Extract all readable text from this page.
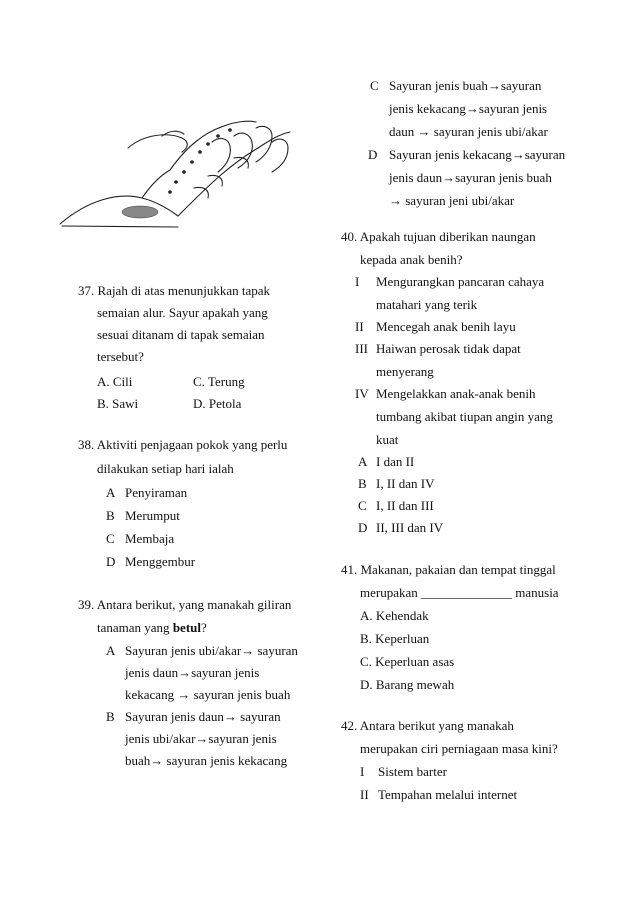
37. Rajah di atas menunjukkan tapak
semaian alur. Sayur apakah yang
sesuai ditanam di tapak semaian
tersebut?
A. Cili	C. Terung
B. Sawi	D. Petola
38. Aktiviti penjagaan pokok yang perlu
dilakukan setiap hari ialah
A Penyiraman
B Merumput
C Membaja
D Menggembur
39. Antara berikut, yang manakah giliran
tanaman yang betul?
A Sayuran jenis ubi/akar→ sayuran
jenis daun→sayuran jenis
kekacang → sayuran jenis buah
B Sayuran jenis daun→ sayuran
jenis ubi/akar→sayuran jenis
buah→ sayuran jenis kekacang
C Sayuran jenis buah→sayuran
jenis kekacang→sayuran jenis
daun → sayuran jenis ubi/akar
D Sayuran jenis kekacang→sayuran
jenis daun→sayuran jenis buah
→ sayuran jeni ubi/akar
40. Apakah tujuan diberikan naungan
kepada anak benih?
I Mengurangkan pancaran cahaya
matahari yang terik
II Mencegah anak benih layu
III Haiwan perosak tidak dapat
menyerang
IV Mengelakkan anak-anak benih
tumbang akibat tiupan angin yang
kuat
A I dan II
B I, II dan IV
C I, II dan III
D II, III dan IV
41. Makanan, pakaian dan tempat tinggal
merupakan ______________ manusia
A. Kehendak
B. Keperluan
C. Keperluan asas
D. Barang mewah
42. Antara berikut yang manakah
merupakan ciri perniagaan masa kini?
I Sistem barter
II Tempahan melalui internet
